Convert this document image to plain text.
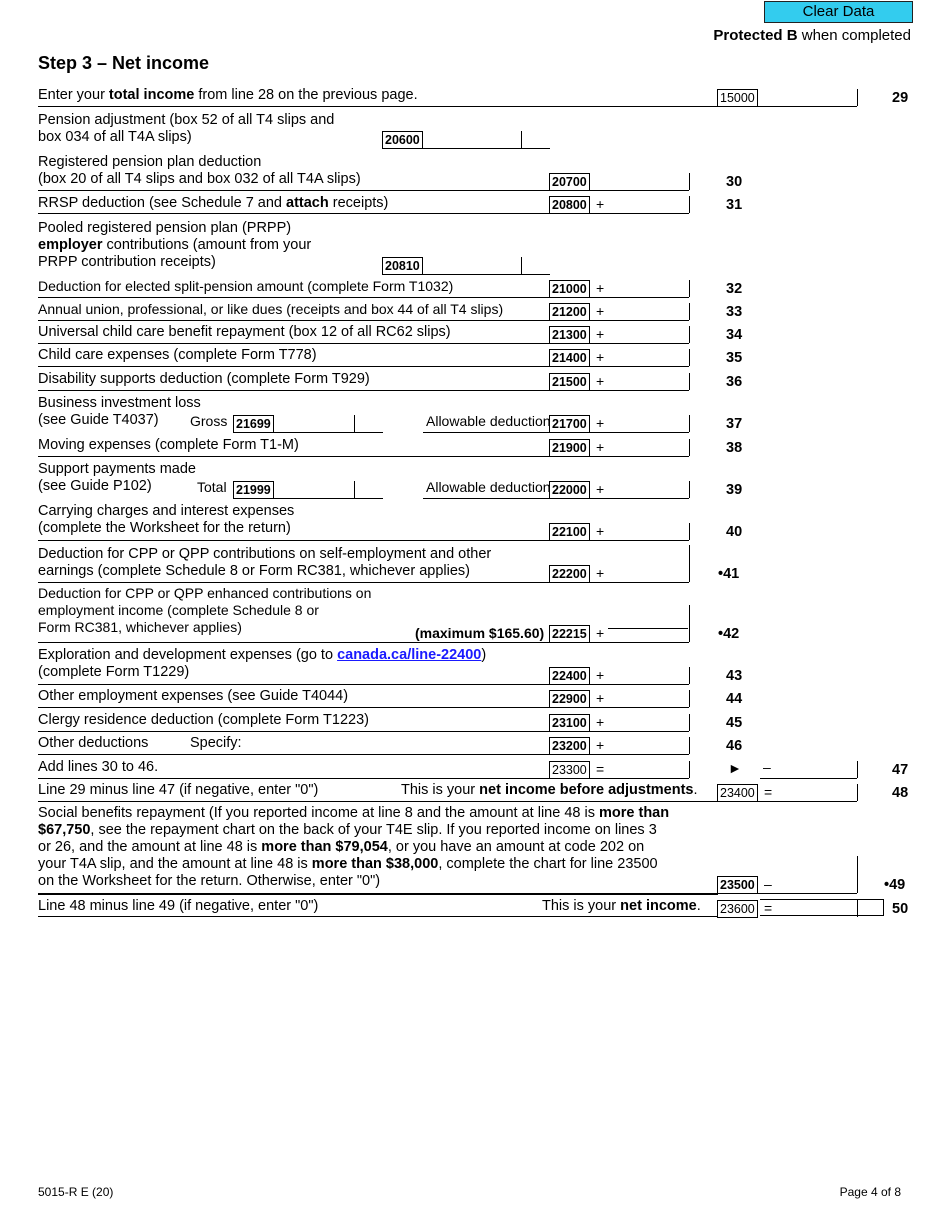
Clear Data
Protected B when completed
Step 3 – Net income
Enter your total income from line 28 on the previous page.	15000	29
Pension adjustment (box 52 of all T4 slips and
box 034 of all T4A slips)	20600
Registered pension plan deduction
(box 20 of all T4 slips and box 032 of all T4A slips)	20700	30
RRSP deduction (see Schedule 7 and attach receipts)	20800 +	31
Pooled registered pension plan (PRPP)
employer contributions (amount from your
PRPP contribution receipts)	20810
Deduction for elected split-pension amount (complete Form T1032)	21000 +	32
Annual union, professional, or like dues (receipts and box 44 of all T4 slips)	21200 +	33
Universal child care benefit repayment (box 12 of all RC62 slips)	21300 +	34
Child care expenses (complete Form T778)	21400 +	35
Disability supports deduction (complete Form T929)	21500 +	36
Business investment loss
(see Guide T4037)	Gross 21699	Allowable deduction 21700 +	37
Moving expenses (complete Form T1-M)	21900 +	38
Support payments made
(see Guide P102)	Total 21999	Allowable deduction 22000 +	39
Carrying charges and interest expenses
(complete the Worksheet for the return)	22100 +	40
Deduction for CPP or QPP contributions on self-employment and other
earnings (complete Schedule 8 or Form RC381, whichever applies)	22200 +	•41
Deduction for CPP or QPP enhanced contributions on
employment income (complete Schedule 8 or
Form RC381, whichever applies)	(maximum $165.60) 22215 +	•42
Exploration and development expenses (go to canada.ca/line-22400)
(complete Form T1229)	22400 +	43
Other employment expenses (see Guide T4044)	22900 +	44
Clergy residence deduction (complete Form T1223)	23100 +	45
Other deductions	Specify:	23200 +	46
Add lines 30 to 46.	23300 =	► –	47
Line 29 minus line 47 (if negative, enter "0")	This is your net income before adjustments. 23400 =	48
Social benefits repayment (If you reported income at line 8 and the amount at line 48 is more than
$67,750, see the repayment chart on the back of your T4E slip. If you reported income on lines 3
or 26, and the amount at line 48 is more than $79,054, or you have an amount at code 202 on
your T4A slip, and the amount at line 48 is more than $38,000, complete the chart for line 23500
on the Worksheet for the return. Otherwise, enter "0")	23500 –	•49
Line 48 minus line 49 (if negative, enter "0")	This is your net income. 23600 =	50
5015-R E (20)	Page 4 of 8
